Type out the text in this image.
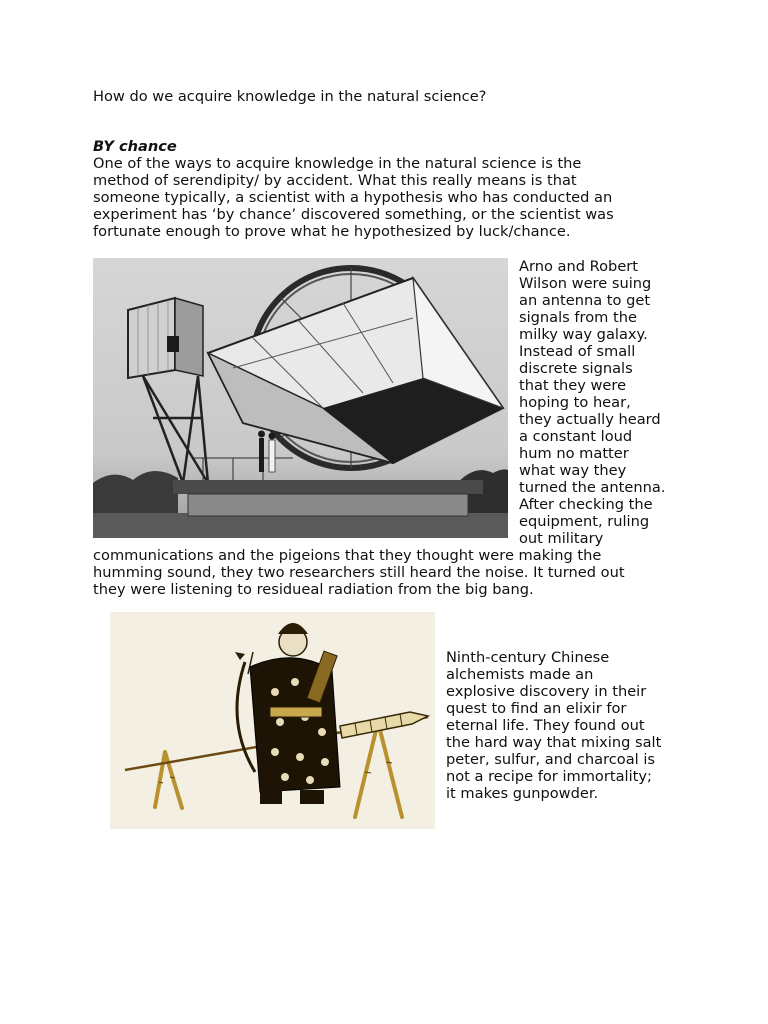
How do we acquire knowledge in the natural science?
BY chance
One of the ways to acquire knowledge in the natural science is the
method of serendipity/ by accident. What this really means is that
someone typically, a scientist with a hypothesis who has conducted an
experiment has ‘by chance’ discovered something, or the scientist was
fortunate enough to prove what he hypothesized by luck/chance.
Arno and Robert
Wilson were suing
an antenna to get
signals from the
milky way galaxy.
Instead of small
discrete signals
that they were
hoping to hear,
they actually heard
a constant loud
hum no matter
what way they
turned the antenna.
After checking the
equipment, ruling
out military
communications and the pigeions that they thought were making the
humming sound, they two researchers still heard the noise. It turned out
they were listening to residueal radiation from the big bang.
Ninth-century Chinese
alchemists made an
explosive discovery in their
quest to find an elixir for
eternal life. They found out
the hard way that mixing salt
peter, sulfur, and charcoal is
not a recipe for immortality;
it makes gunpowder.
